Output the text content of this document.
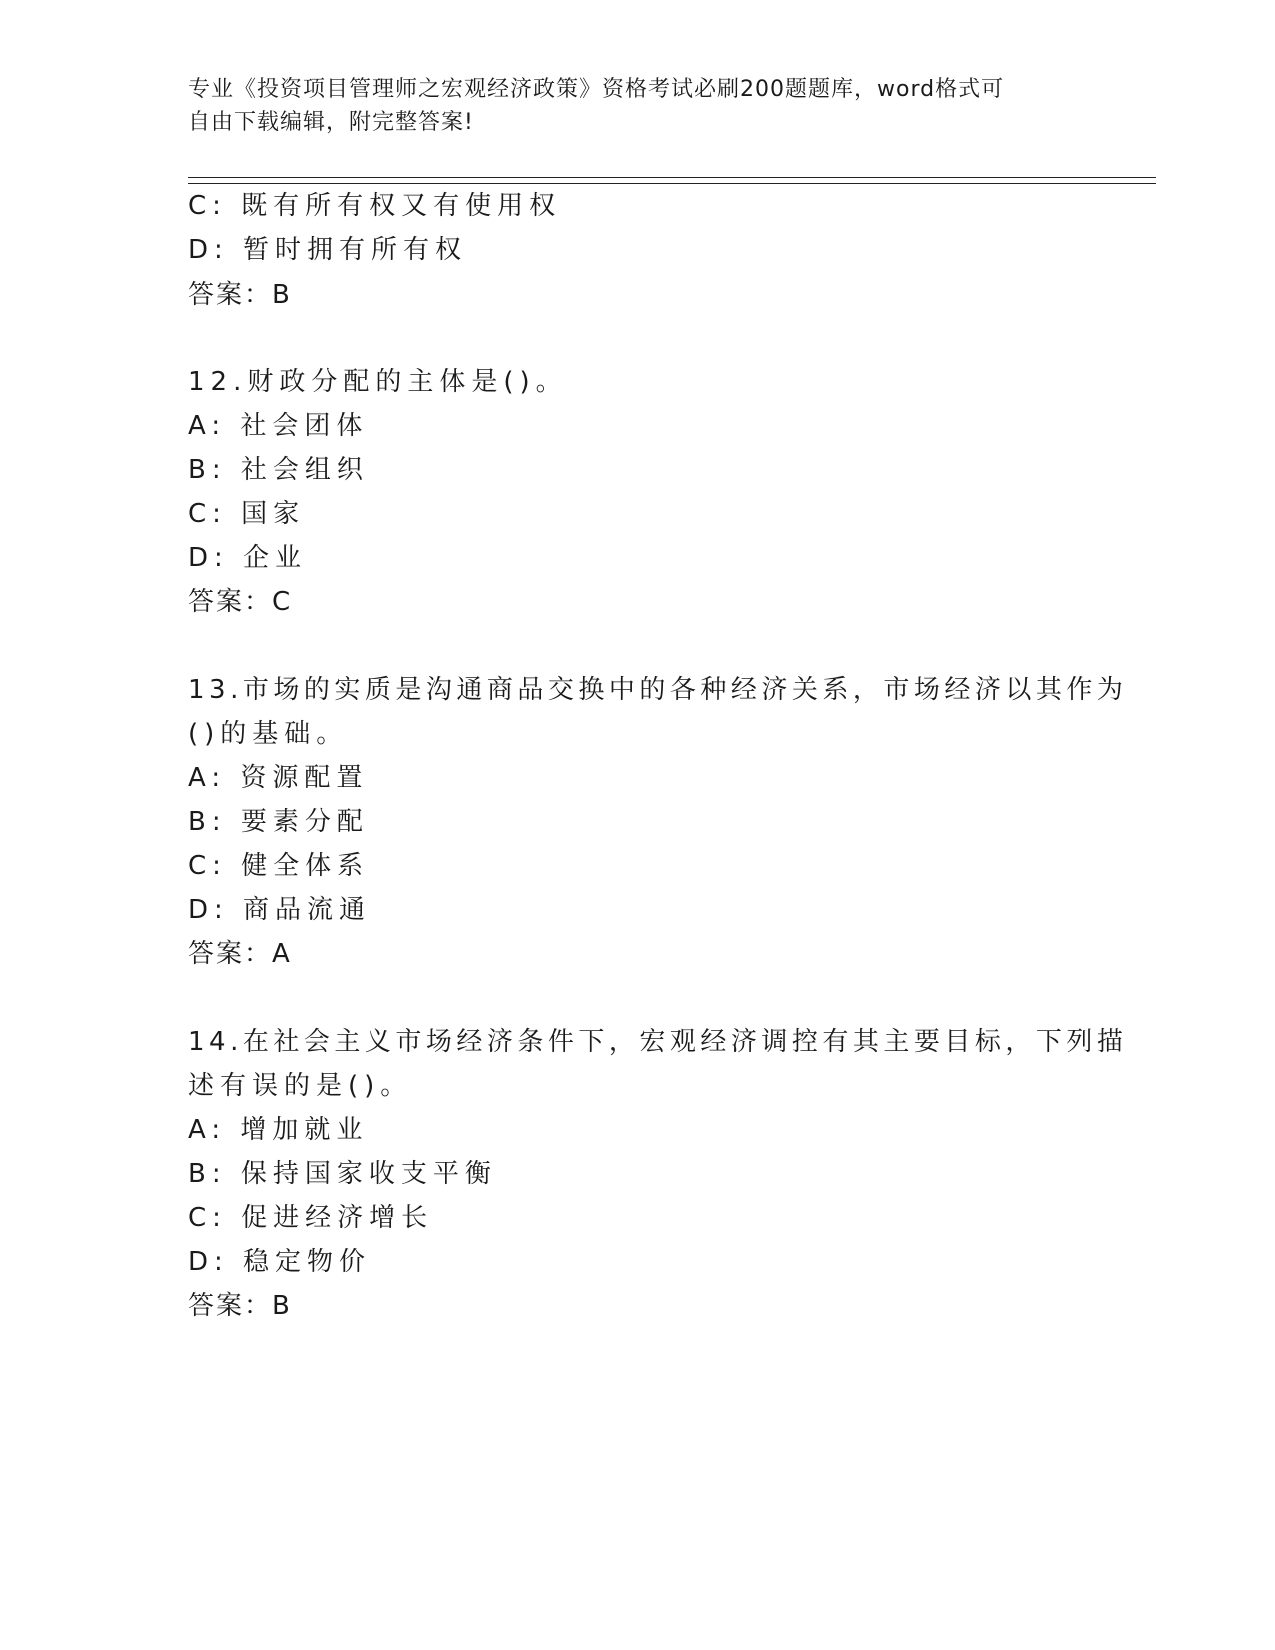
专业《投资项目管理师之宏观经济政策》资格考试必刷200题题库，word格式可
自由下载编辑，附完整答案!
C: 既有所有权又有使用权
D: 暂时拥有所有权
答案：B
12.财政分配的主体是()。
A: 社会团体
B: 社会组织
C: 国家
D: 企业
答案：C
13.市场的实质是沟通商品交换中的各种经济关系，市场经济以其作为
()的基础。
A: 资源配置
B: 要素分配
C: 健全体系
D: 商品流通
答案：A
14.在社会主义市场经济条件下，宏观经济调控有其主要目标，下列描
述有误的是()。
A: 增加就业
B: 保持国家收支平衡
C: 促进经济增长
D: 稳定物价
答案：B
